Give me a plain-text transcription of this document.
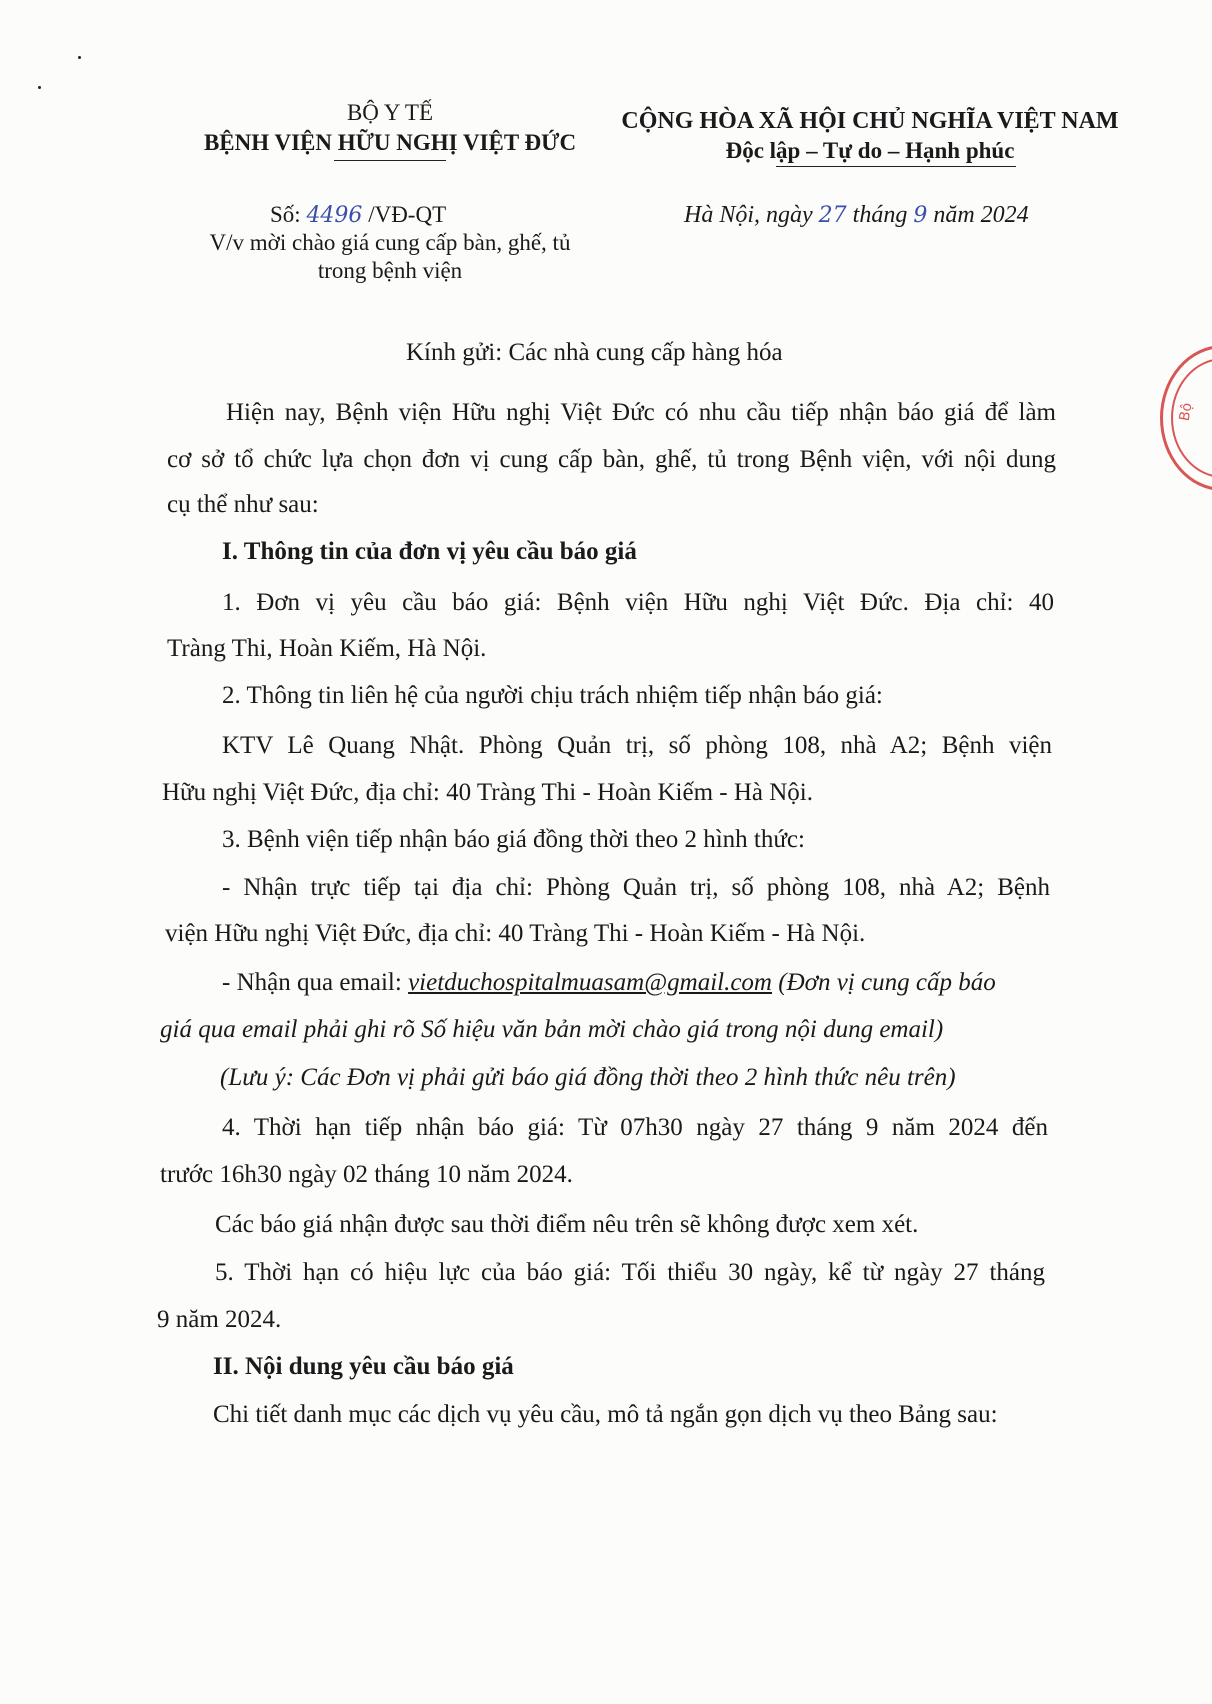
BỘ Y TẾ
BỆNH VIỆN HỮU NGHỊ VIỆT ĐỨC
Số: 4496 /VĐ-QT
V/v mời chào giá cung cấp bàn, ghế, tủ
trong bệnh viện
CỘNG HÒA XÃ HỘI CHỦ NGHĨA VIỆT NAM
Độc lập – Tự do – Hạnh phúc
Hà Nội, ngày 27 tháng 9 năm 2024
Kính gửi: Các nhà cung cấp hàng hóa
Hiện nay, Bệnh viện Hữu nghị Việt Đức có nhu cầu tiếp nhận báo giá để làm
cơ sở tổ chức lựa chọn đơn vị cung cấp bàn, ghế, tủ trong Bệnh viện, với nội dung
cụ thể như sau:
I. Thông tin của đơn vị yêu cầu báo giá
1. Đơn vị yêu cầu báo giá: Bệnh viện Hữu nghị Việt Đức. Địa chỉ: 40
Tràng Thi, Hoàn Kiếm, Hà Nội.
2. Thông tin liên hệ của người chịu trách nhiệm tiếp nhận báo giá:
KTV Lê Quang Nhật. Phòng Quản trị, số phòng 108, nhà A2; Bệnh viện
Hữu nghị Việt Đức, địa chỉ: 40 Tràng Thi - Hoàn Kiếm - Hà Nội.
3. Bệnh viện tiếp nhận báo giá đồng thời theo 2 hình thức:
- Nhận trực tiếp tại địa chỉ: Phòng Quản trị, số phòng 108, nhà A2; Bệnh
viện Hữu nghị Việt Đức, địa chỉ: 40 Tràng Thi - Hoàn Kiếm - Hà Nội.
- Nhận qua email: vietduchospitalmuasam@gmail.com (Đơn vị cung cấp báo
giá qua email phải ghi rõ Số hiệu văn bản mời chào giá trong nội dung email)
(Lưu ý: Các Đơn vị phải gửi báo giá đồng thời theo 2 hình thức nêu trên)
4. Thời hạn tiếp nhận báo giá: Từ 07h30 ngày 27 tháng 9 năm 2024 đến
trước 16h30 ngày 02 tháng 10 năm 2024.
Các báo giá nhận được sau thời điểm nêu trên sẽ không được xem xét.
5. Thời hạn có hiệu lực của báo giá: Tối thiểu 30 ngày, kể từ ngày 27 tháng
9 năm 2024.
II. Nội dung yêu cầu báo giá
Chi tiết danh mục các dịch vụ yêu cầu, mô tả ngắn gọn dịch vụ theo Bảng sau:
Bộ
